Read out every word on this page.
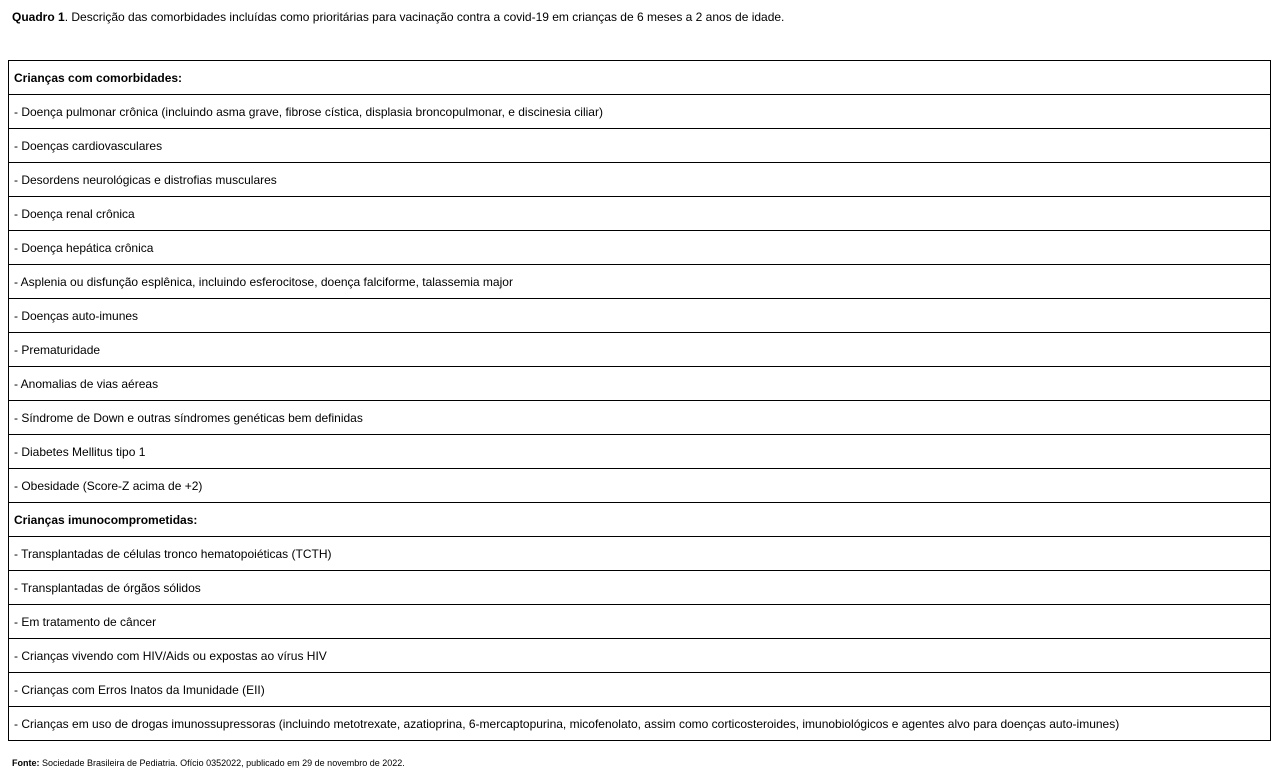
Quadro 1. Descrição das comorbidades incluídas como prioritárias para vacinação contra a covid-19 em crianças de 6 meses a 2 anos de idade.
Crianças com comorbidades:
- Doença pulmonar crônica (incluindo asma grave, fibrose cística, displasia broncopulmonar, e discinesia ciliar)
- Doenças cardiovasculares
- Desordens neurológicas e distrofias musculares
- Doença renal crônica
- Doença hepática crônica
- Asplenia ou disfunção esplênica, incluindo esferocitose, doença falciforme, talassemia major
- Doenças auto-imunes
- Prematuridade
- Anomalias de vias aéreas
- Síndrome de Down e outras síndromes genéticas bem definidas
- Diabetes Mellitus tipo 1
- Obesidade (Score-Z acima de +2)
Crianças imunocomprometidas:
- Transplantadas de células tronco hematopoiéticas (TCTH)
- Transplantadas de órgãos sólidos
- Em tratamento de câncer
- Crianças vivendo com HIV/Aids ou expostas ao vírus HIV
- Crianças com Erros Inatos da Imunidade (EII)
- Crianças em uso de drogas imunossupressoras (incluindo metotrexate, azatioprina, 6-mercaptopurina, micofenolato, assim como corticosteroides, imunobiológicos e agentes alvo para doenças auto-imunes)
Fonte: Sociedade Brasileira de Pediatria. Ofício 0352022, publicado em 29 de novembro de 2022.
